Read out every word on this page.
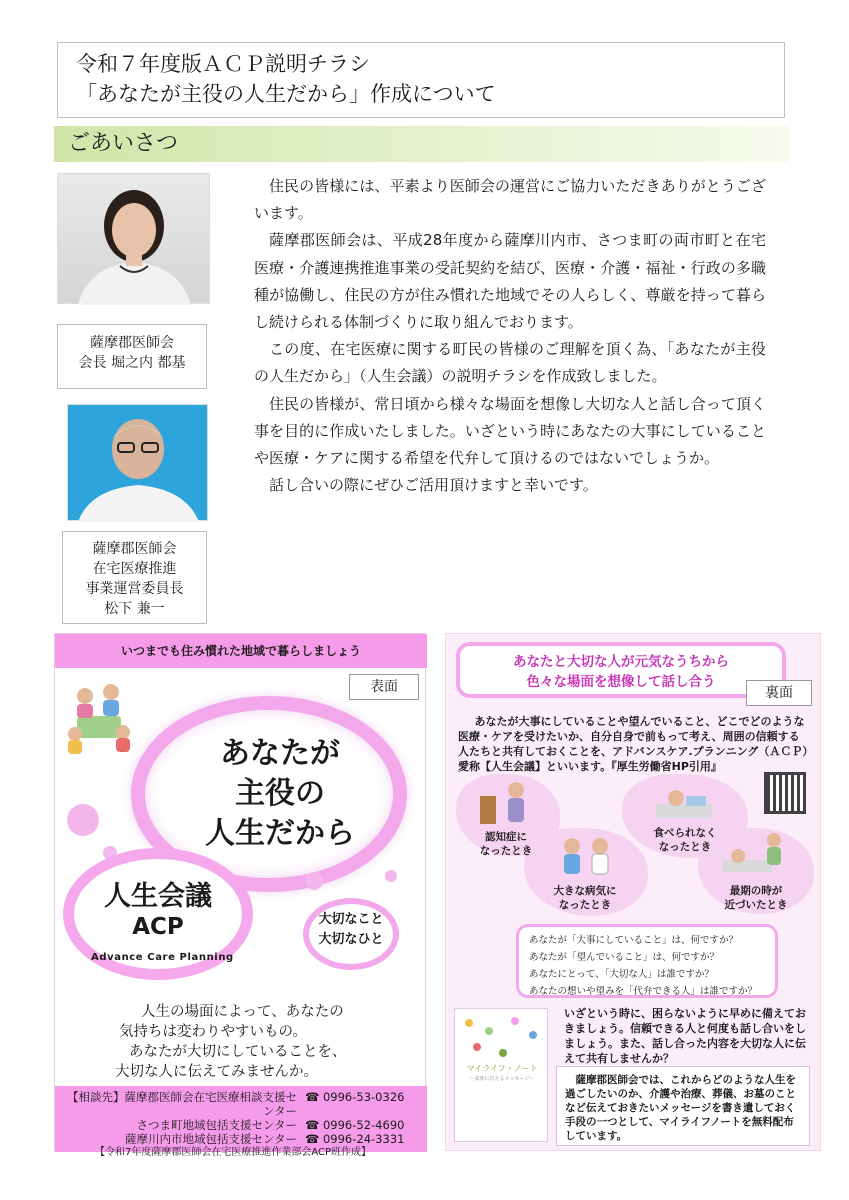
令和７年度版ＡＣＰ説明チラシ
「あなたが主役の人生だから」作成について
ごあいさつ
薩摩郡医師会
会長 堀之内 都基
薩摩郡医師会
在宅医療推進
事業運営委員長
松下 兼一

住民の皆様には、平素より医師会の運営にご協力いただきありがとうございます。

薩摩郡医師会は、平成28年度から薩摩川内市、さつま町の両市町と在宅医療・介護連携推進事業の受託契約を結び、医療・介護・福祉・行政の多職種が協働し、住民の方が住み慣れた地域でその人らしく、尊厳を持って暮らし続けられる体制づくりに取り組んでおります。

この度、在宅医療に関する町民の皆様のご理解を頂く為、「あなたが主役の人生だから」（人生会議）の説明チラシを作成致しました。

住民の皆様が、常日頃から様々な場面を想像し大切な人と話し合って頂く事を目的に作成いたしました。いざという時にあなたの大事にしていることや医療・ケアに関する希望を代弁して頂けるのではないでしょうか。

話し合いの際にぜひご活用頂けますと幸いです。

いつまでも住み慣れた地域で暮らしましょう
表面
あなたが
主役の
人生だから
人生会議
ACP
Advance Care Planning
大切なこと
大切なひと
人生の場面によって、あなたの
気持ちは変わりやすいもの。
あなたが大切にしていることを、
大切な人に伝えてみませんか。
【相談先】薩摩郡医師会在宅医療相談支援センター
☎ 0996-53-0326
さつま町地域包括支援センター ☎ 0996-52-4690
薩摩川内市地域包括支援センター ☎ 0996-24-3331
【令和7年度薩摩郡医師会在宅医療推進作業部会ACP班作成】
あなたと大切な人が元気なうちから
色々な場面を想像して話し合う
裏面
あなたが大事にしていることや望んでいること、どこでどのような医療・ケアを受けたいか、自分自身で前もって考え、周囲の信頼する人たちと共有しておくことを、アドバンスケア.プランニング（ＡＣＰ）愛称【人生会議】といいます。『厚生労働省HP引用』
認知症に
なったとき
食べられなく
なったとき
大きな病気に
なったとき
最期の時が
近づいたとき
あなたが「大事にしていること」は、何ですか？
あなたが「望んでいること」は、何ですか？
あなたにとって、「大切な人」は誰ですか？
あなたの想いや望みを「代弁できる人」は誰ですか？
マイライフ・ノート
〜家族に伝えるメッセージ〜
いざという時に、困らないように早めに備えておきましょう。信頼できる人と何度も話し合いをしましょう。また、話し合った内容を大切な人に伝えて共有しませんか？
薩摩郡医師会では、これからどのような人生を過ごしたいのか、介護や治療、葬儀、お墓のことなど伝えておきたいメッセージを書き遺しておく手段の一つとして、マイライフノートを無料配布しています。
